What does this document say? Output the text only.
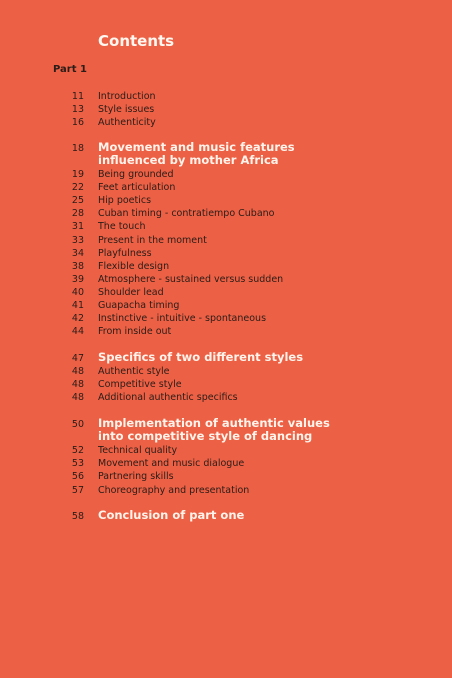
Contents
Part 1
11 Introduction
13 Style issues
16 Authenticity
18 Movement and music features
influenced by mother Africa
19 Being grounded
22 Feet articulation
25 Hip poetics
28 Cuban timing - contratiempo Cubano
31 The touch
33 Present in the moment
34 Playfulness
38 Flexible design
39 Atmosphere - sustained versus sudden
40 Shoulder lead
41 Guapacha timing
42 Instinctive - intuitive - spontaneous
44 From inside out
47 Specifics of two different styles
48 Authentic style
48 Competitive style
48 Additional authentic specifics
50 Implementation of authentic values
into competitive style of dancing
52 Technical quality
53 Movement and music dialogue
56 Partnering skills
57 Choreography and presentation
58 Conclusion of part one
